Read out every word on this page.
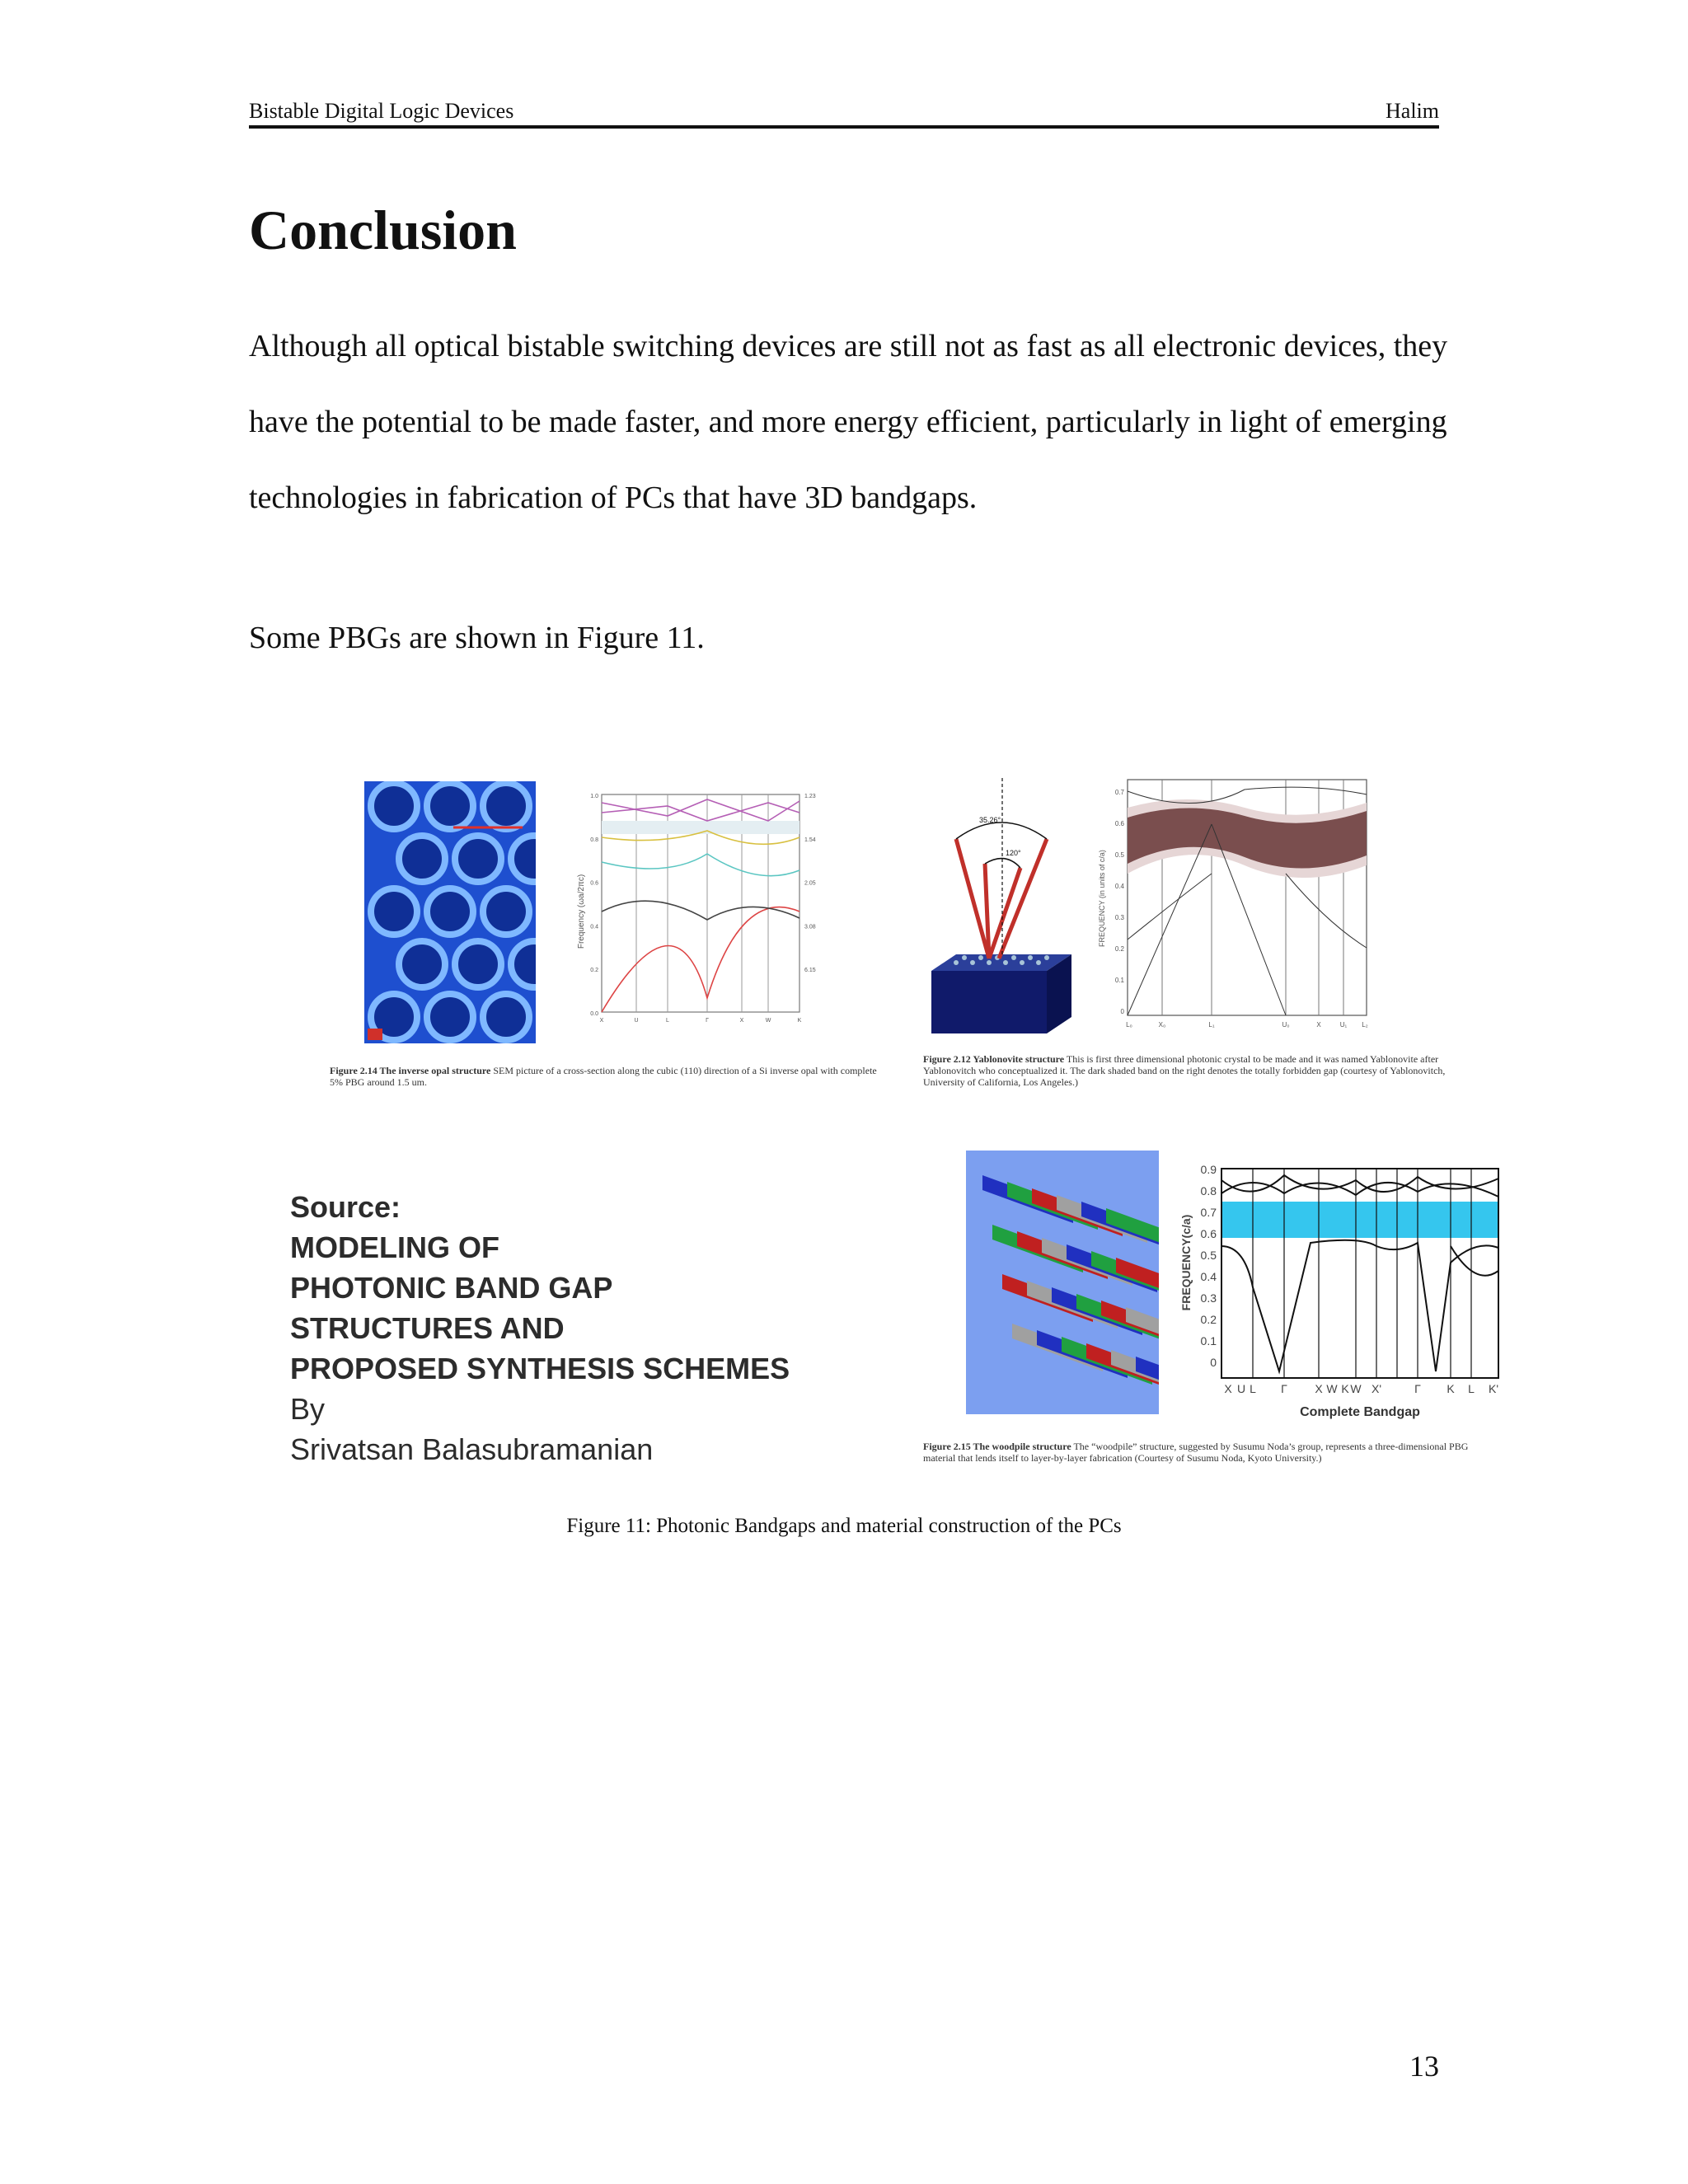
Bistable Digital Logic Devices	Halim
Conclusion

Although all optical bistable switching devices are still not as fast as all electronic devices, they have the potential to be made faster, and more energy efficient, particularly in light of emerging technologies in fabrication of PCs that have 3D bandgaps.

Some PBGs are shown in Figure 11.

Frequency (ωa/2πc)
1.0
0.8
0.6
0.4
0.2
0.0
1.23
1.54
2.05
3.08
6.15
X	U	L	Γ	X	W	K
Figure 2.14 The inverse opal structure SEM picture of a cross-section along the cubic (110) direction of a Si inverse opal with complete 5% PBG around 1.5 um.
35.26°
120°	FREQUENCY (in units of c/a)
0.7
0.6
0.5
0.4
0.3
0.2
0.1
0
L₀	X₀	L₁	U₀	X	U₁ L₂
Figure 2.12 Yablonovite structure This is first three dimensional photonic crystal to be made and it was named Yablonovite after Yablonovitch who conceptualized it. The dark shaded band on the right denotes the totally forbidden gap (courtesy of Yablonovitch, University of California, Los Angeles.)
Source:
MODELING OF
PHOTONIC BAND GAP
STRUCTURES AND
PROPOSED SYNTHESIS SCHEMES
By
Srivatsan Balasubramanian
FREQUENCY(c/a)
0.9
0.8
0.7
0.6
0.5
0.4
0.3
0.2
0.1
0
X U L Γ X W K W X'	Γ K L K'
Complete Bandgap
Figure 2.15 The woodpile structure The “woodpile” structure, suggested by Susumu Noda’s group, represents a three-dimensional PBG material that lends itself to layer-by-layer fabrication (Courtesy of Susumu Noda, Kyoto University.)
Figure 11: Photonic Bandgaps and material construction of the PCs
13
